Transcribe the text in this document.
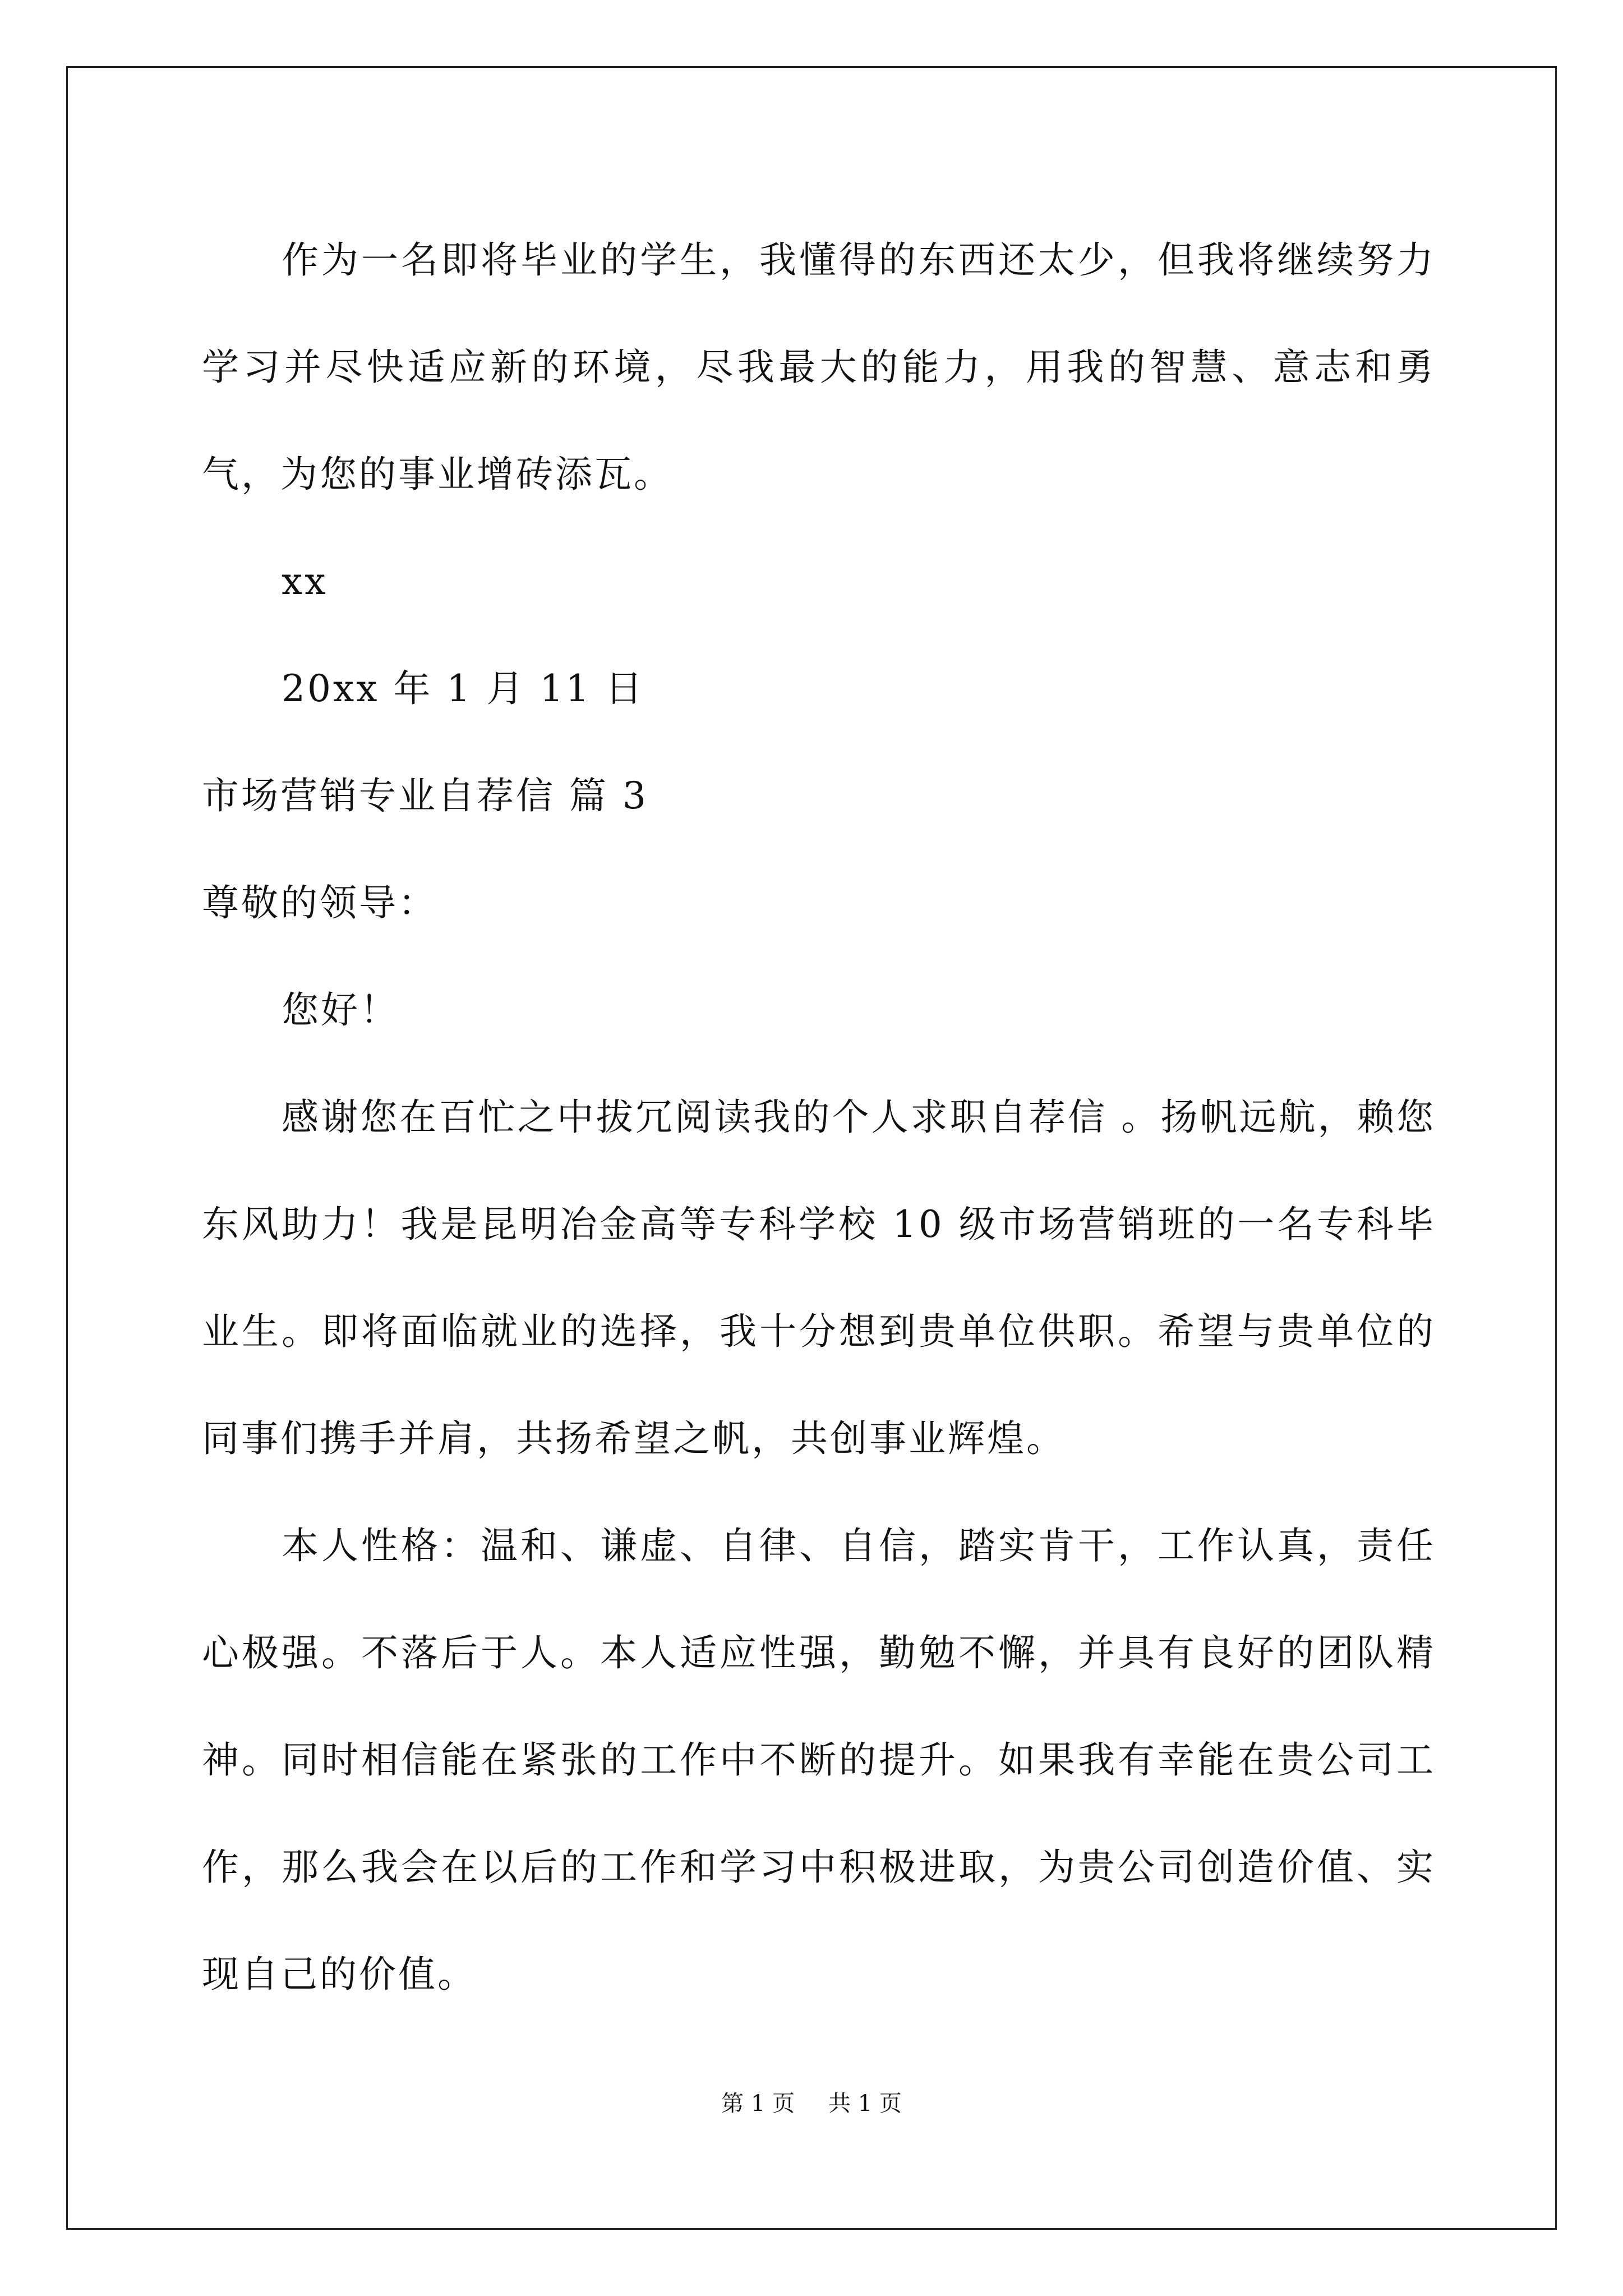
作为一名即将毕业的学生，我懂得的东西还太少，但我将继续努力学习并尽快适应新的环境，尽我最大的能力，用我的智慧、意志和勇气，为您的事业增砖添瓦。

xx

20xx 年 1 月 11 日

市场营销专业自荐信 篇 3

尊敬的领导：

您好！

感谢您在百忙之中拔冗阅读我的个人求职自荐信 。扬帆远航，赖您东风助力！我是昆明冶金高等专科学校 10 级市场营销班的一名专科毕业生。即将面临就业的选择，我十分想到贵单位供职。希望与贵单位的同事们携手并肩，共扬希望之帆，共创事业辉煌。

本人性格：温和、谦虚、自律、自信，踏实肯干，工作认真，责任心极强。不落后于人。本人适应性强，勤勉不懈，并具有良好的团队精神。同时相信能在紧张的工作中不断的提升。如果我有幸能在贵公司工作，那么我会在以后的工作和学习中积极进取，为贵公司创造价值、实现自己的价值。

第 1 页 共 1 页
